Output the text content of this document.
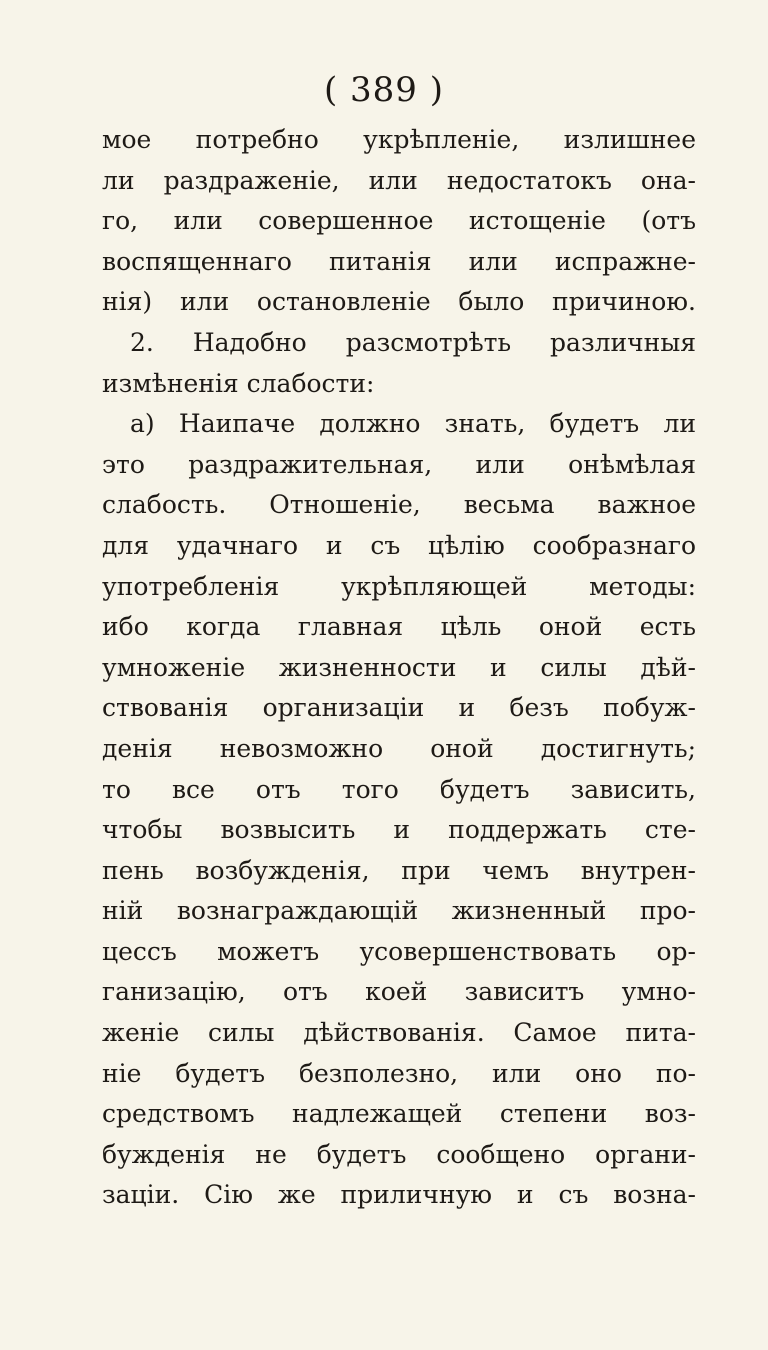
( 389 )
мое потребно укрѣпленіе, излишнее
ли раздраженіе, или недостатокъ она-
го, или совершенное истощеніе (отъ
воспященнаго питанія или испражне-
нія) или остановленіе было причиною.
2. Надобно разсмотрѣть различныя
измѣненія слабости:
а) Наипаче должно знать, будетъ ли
это раздражительная, или онѣмѣлая
слабость. Отношеніе, весьма важное
для удачнаго и съ цѣлію сообразнаго
употребленія укрѣпляющей методы:
ибо когда главная цѣль оной есть
умноженіе жизненности и силы дѣй-
ствованія организаціи и безъ побуж-
денія невозможно оной достигнуть;
то все отъ того будетъ зависить,
чтобы возвысить и поддержать сте-
пень возбужденія, при чемъ внутрен-
ній вознаграждающій жизненный про-
цессъ можетъ усовершенствовать ор-
ганизацію, отъ коей зависитъ умно-
женіе силы дѣйствованія. Самое пита-
ніе будетъ безполезно, или оно по-
средствомъ надлежащей степени воз-
бужденія не будетъ сообщено органи-
заціи. Сію же приличную и съ возна-
